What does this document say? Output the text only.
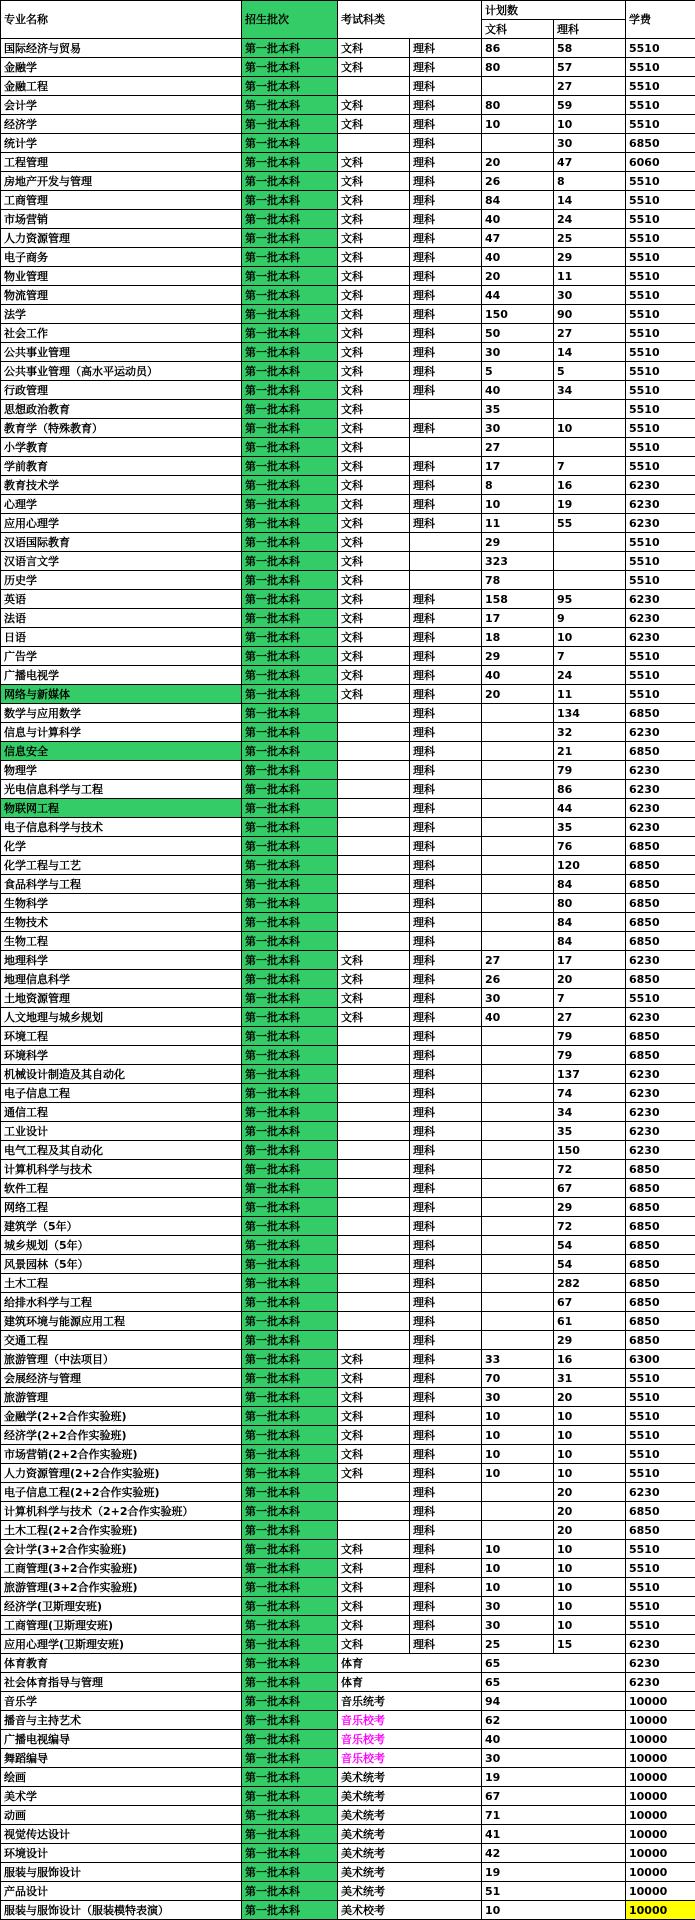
专业名称	招生批次	考试科类		计划数		学费
				文科	理科	
国际经济与贸易	第一批本科	文科	理科	86	58	5510
金融学	第一批本科	文科	理科	80	57	5510
金融工程	第一批本科		理科		27	5510
会计学	第一批本科	文科	理科	80	59	5510
经济学	第一批本科	文科	理科	10	10	5510
统计学	第一批本科		理科		30	6850
工程管理	第一批本科	文科	理科	20	47	6060
房地产开发与管理	第一批本科	文科	理科	26	8	5510
工商管理	第一批本科	文科	理科	84	14	5510
市场营销	第一批本科	文科	理科	40	24	5510
人力资源管理	第一批本科	文科	理科	47	25	5510
电子商务	第一批本科	文科	理科	40	29	5510
物业管理	第一批本科	文科	理科	20	11	5510
物流管理	第一批本科	文科	理科	44	30	5510
法学	第一批本科	文科	理科	150	90	5510
社会工作	第一批本科	文科	理科	50	27	5510
公共事业管理	第一批本科	文科	理科	30	14	5510
公共事业管理（高水平运动员）	第一批本科	文科	理科	5	5	5510
行政管理	第一批本科	文科	理科	40	34	5510
思想政治教育	第一批本科	文科		35		5510
教育学（特殊教育）	第一批本科	文科	理科	30	10	5510
小学教育	第一批本科	文科		27		5510
学前教育	第一批本科	文科	理科	17	7	5510
教育技术学	第一批本科	文科	理科	8	16	6230
心理学	第一批本科	文科	理科	10	19	6230
应用心理学	第一批本科	文科	理科	11	55	6230
汉语国际教育	第一批本科	文科		29		5510
汉语言文学	第一批本科	文科		323		5510
历史学	第一批本科	文科		78		5510
英语	第一批本科	文科	理科	158	95	6230
法语	第一批本科	文科	理科	17	9	6230
日语	第一批本科	文科	理科	18	10	6230
广告学	第一批本科	文科	理科	29	7	5510
广播电视学	第一批本科	文科	理科	40	24	5510
网络与新媒体	第一批本科	文科	理科	20	11	5510
数学与应用数学	第一批本科		理科		134	6850
信息与计算科学	第一批本科		理科		32	6230
信息安全	第一批本科		理科		21	6850
物理学	第一批本科		理科		79	6230
光电信息科学与工程	第一批本科		理科		86	6230
物联网工程	第一批本科		理科		44	6230
电子信息科学与技术	第一批本科		理科		35	6230
化学	第一批本科		理科		76	6850
化学工程与工艺	第一批本科		理科		120	6850
食品科学与工程	第一批本科		理科		84	6850
生物科学	第一批本科		理科		80	6850
生物技术	第一批本科		理科		84	6850
生物工程	第一批本科		理科		84	6850
地理科学	第一批本科	文科	理科	27	17	6230
地理信息科学	第一批本科	文科	理科	26	20	6850
土地资源管理	第一批本科	文科	理科	30	7	5510
人文地理与城乡规划	第一批本科	文科	理科	40	27	6230
环境工程	第一批本科		理科		79	6850
环境科学	第一批本科		理科		79	6850
机械设计制造及其自动化	第一批本科		理科		137	6230
电子信息工程	第一批本科		理科		74	6230
通信工程	第一批本科		理科		34	6230
工业设计	第一批本科		理科		35	6230
电气工程及其自动化	第一批本科		理科		150	6230
计算机科学与技术	第一批本科		理科		72	6850
软件工程	第一批本科		理科		67	6850
网络工程	第一批本科		理科		29	6850
建筑学（5年）	第一批本科		理科		72	6850
城乡规划（5年）	第一批本科		理科		54	6850
风景园林（5年）	第一批本科		理科		54	6850
土木工程	第一批本科		理科		282	6850
给排水科学与工程	第一批本科		理科		67	6850
建筑环境与能源应用工程	第一批本科		理科		61	6850
交通工程	第一批本科		理科		29	6850
旅游管理（中法项目）	第一批本科	文科	理科	33	16	6300
会展经济与管理	第一批本科	文科	理科	70	31	5510
旅游管理	第一批本科	文科	理科	30	20	5510
金融学(2+2合作实验班)	第一批本科	文科	理科	10	10	5510
经济学(2+2合作实验班)	第一批本科	文科	理科	10	10	5510
市场营销(2+2合作实验班)	第一批本科	文科	理科	10	10	5510
人力资源管理(2+2合作实验班)	第一批本科	文科	理科	10	10	5510
电子信息工程(2+2合作实验班)	第一批本科		理科		20	6230
计算机科学与技术（2+2合作实验班）	第一批本科		理科		20	6850
土木工程(2+2合作实验班)	第一批本科		理科		20	6850
会计学(3+2合作实验班)	第一批本科	文科	理科	10	10	5510
工商管理(3+2合作实验班)	第一批本科	文科	理科	10	10	5510
旅游管理(3+2合作实验班)	第一批本科	文科	理科	10	10	5510
经济学(卫斯理安班)	第一批本科	文科	理科	30	10	5510
工商管理(卫斯理安班)	第一批本科	文科	理科	30	10	5510
应用心理学(卫斯理安班)	第一批本科	文科	理科	25	15	6230
体育教育	第一批本科	体育		65		6230
社会体育指导与管理	第一批本科	体育		65		6230
音乐学	第一批本科	音乐统考		94		10000
播音与主持艺术	第一批本科	音乐校考		62		10000
广播电视编导	第一批本科	音乐校考		40		10000
舞蹈编导	第一批本科	音乐校考		30		10000
绘画	第一批本科	美术统考		19		10000
美术学	第一批本科	美术统考		67		10000
动画	第一批本科	美术统考		71		10000
视觉传达设计	第一批本科	美术统考		41		10000
环境设计	第一批本科	美术统考		42		10000
服装与服饰设计	第一批本科	美术统考		19		10000
产品设计	第一批本科	美术统考		51		10000
服装与服饰设计（服装模特表演）	第一批本科	美术校考		10		10000
